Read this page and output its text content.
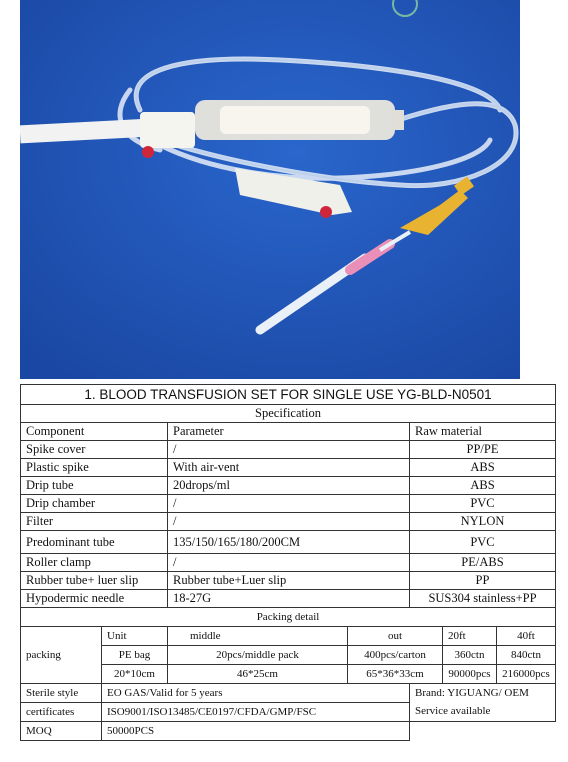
1. BLOOD TRANSFUSION SET FOR SINGLE USE YG-BLD-N0501						
Specification						
Component		Parameter		Raw material		
Spike cover		/		PP/PE		
Plastic spike		With air-vent		ABS		
Drip tube		20drops/ml		ABS		
Drip chamber		/		PVC		
Filter		/		NYLON		
Predominant tube		135/150/165/180/200CM		PVC		
Roller clamp		/		PE/ABS		
Rubber tube+ luer slip		Rubber tube+Luer slip		PP		
Hypodermic needle		18-27G		SUS304 stainless+PP		
Packing detail						
packing	Unit	middle	out		20ft	40ft
	PE bag	20pcs/middle pack	400pcs/carton		360ctn	840ctn
	20*10cm	46*25cm	65*36*33cm		90000pcs	216000pcs
Sterile style	EO GAS/Valid for 5 years			Brand: YIGUANG/ OEM
Service available		

certificates	ISO9001/ISO13485/CE0197/CFDA/GMP/FSC					
MOQ	50000PCS					
